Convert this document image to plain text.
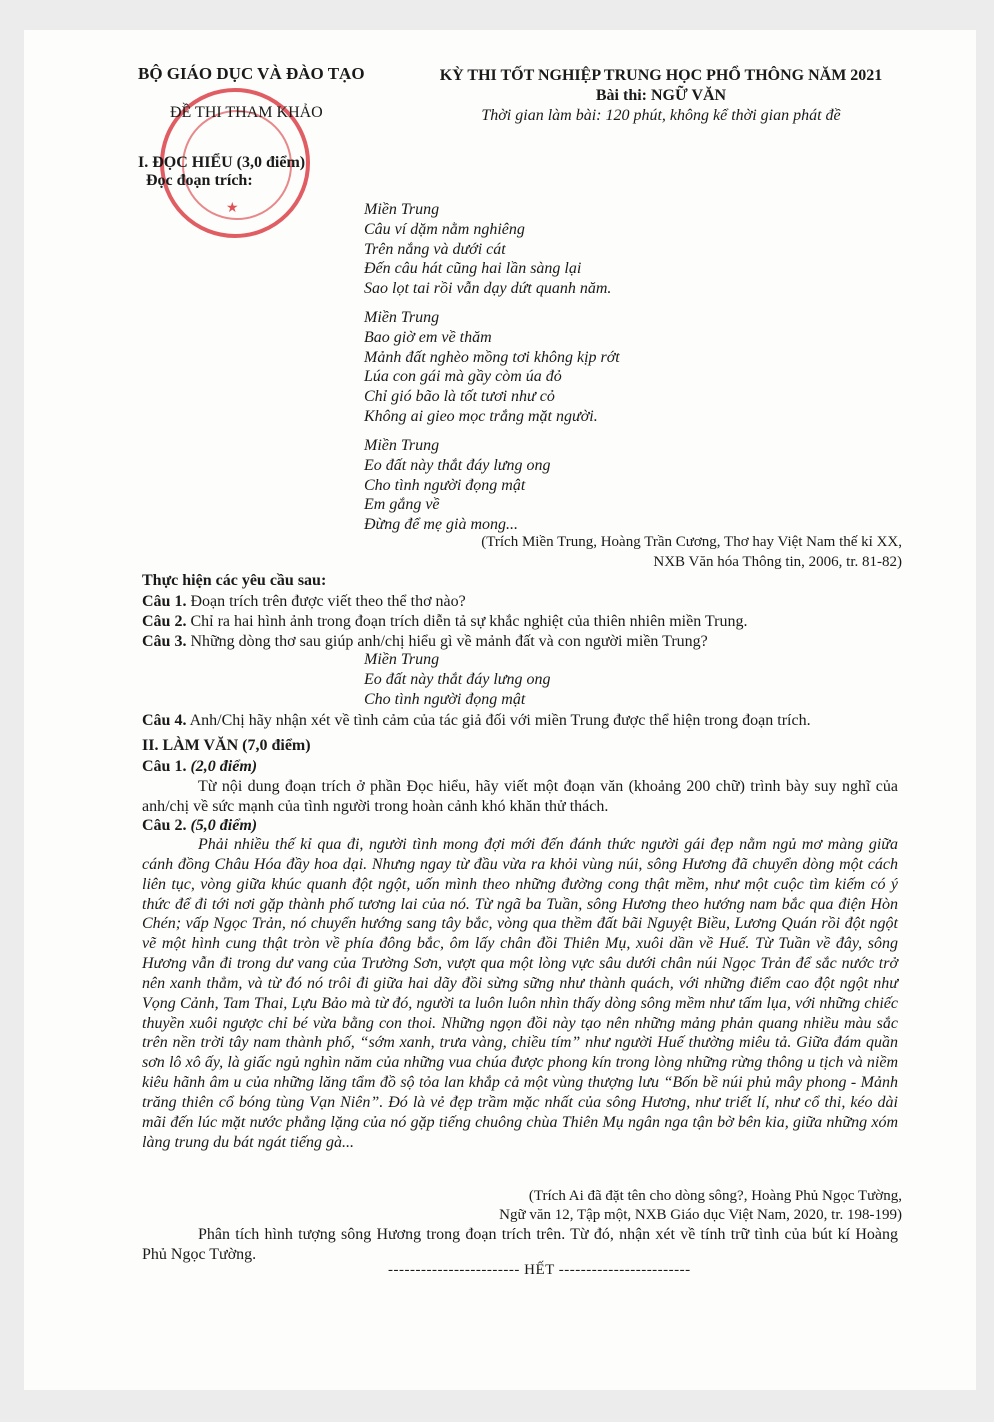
★
BỘ GIÁO DỤC VÀ ĐÀO TẠO
ĐỀ THI THAM KHẢO
KỲ THI TỐT NGHIỆP TRUNG HỌC PHỔ THÔNG NĂM 2021
Bài thi: NGỮ VĂN
Thời gian làm bài: 120 phút, không kể thời gian phát đề
I. ĐỌC HIỂU (3,0 điểm)
Đọc đoạn trích:
Miền Trung
Câu ví dặm nằm nghiêng
Trên nắng và dưới cát
Đến câu hát cũng hai lần sàng lại
Sao lọt tai rồi vẫn dạy dứt quanh năm.
Miền Trung
Bao giờ em về thăm
Mảnh đất nghèo mồng tơi không kịp rớt
Lúa con gái mà gầy còm úa đỏ
Chỉ gió bão là tốt tươi như cỏ
Không ai gieo mọc trắng mặt người.
Miền Trung
Eo đất này thắt đáy lưng ong
Cho tình người đọng mật
Em gắng về
Đừng để mẹ già mong...
(Trích Miền Trung, Hoàng Trần Cương, Thơ hay Việt Nam thế kỉ XX,
NXB Văn hóa Thông tin, 2006, tr. 81-82)
Thực hiện các yêu cầu sau:
Câu 1. Đoạn trích trên được viết theo thể thơ nào?
Câu 2. Chỉ ra hai hình ảnh trong đoạn trích diễn tả sự khắc nghiệt của thiên nhiên miền Trung.
Câu 3. Những dòng thơ sau giúp anh/chị hiểu gì về mảnh đất và con người miền Trung?
Miền Trung
Eo đất này thắt đáy lưng ong
Cho tình người đọng mật
Câu 4. Anh/Chị hãy nhận xét về tình cảm của tác giả đối với miền Trung được thể hiện trong đoạn trích.
II. LÀM VĂN (7,0 điểm)
Câu 1. (2,0 điểm)
Từ nội dung đoạn trích ở phần Đọc hiểu, hãy viết một đoạn văn (khoảng 200 chữ) trình bày suy nghĩ của anh/chị về sức mạnh của tình người trong hoàn cảnh khó khăn thử thách.
Câu 2. (5,0 điểm)
Phải nhiều thế kỉ qua đi, người tình mong đợi mới đến đánh thức người gái đẹp nằm ngủ mơ màng giữa cánh đồng Châu Hóa đầy hoa dại. Nhưng ngay từ đầu vừa ra khỏi vùng núi, sông Hương đã chuyển dòng một cách liên tục, vòng giữa khúc quanh đột ngột, uốn mình theo những đường cong thật mềm, như một cuộc tìm kiếm có ý thức để đi tới nơi gặp thành phố tương lai của nó. Từ ngã ba Tuần, sông Hương theo hướng nam bắc qua điện Hòn Chén; vấp Ngọc Trản, nó chuyển hướng sang tây bắc, vòng qua thềm đất bãi Nguyệt Biều, Lương Quán rồi đột ngột vẽ một hình cung thật tròn về phía đông bắc, ôm lấy chân đồi Thiên Mụ, xuôi dần về Huế. Từ Tuần về đây, sông Hương vẫn đi trong dư vang của Trường Sơn, vượt qua một lòng vực sâu dưới chân núi Ngọc Trản để sắc nước trở nên xanh thẳm, và từ đó nó trôi đi giữa hai dãy đồi sừng sững như thành quách, với những điểm cao đột ngột như Vọng Cảnh, Tam Thai, Lựu Bảo mà từ đó, người ta luôn luôn nhìn thấy dòng sông mềm như tấm lụa, với những chiếc thuyền xuôi ngược chỉ bé vừa bằng con thoi. Những ngọn đồi này tạo nên những mảng phản quang nhiều màu sắc trên nền trời tây nam thành phố, “sớm xanh, trưa vàng, chiều tím” như người Huế thường miêu tả. Giữa đám quần sơn lô xô ấy, là giấc ngủ nghìn năm của những vua chúa được phong kín trong lòng những rừng thông u tịch và niềm kiêu hãnh âm u của những lăng tẩm đồ sộ tỏa lan khắp cả một vùng thượng lưu “Bốn bề núi phủ mây phong - Mảnh trăng thiên cổ bóng tùng Vạn Niên”. Đó là vẻ đẹp trầm mặc nhất của sông Hương, như triết lí, như cổ thi, kéo dài mãi đến lúc mặt nước phẳng lặng của nó gặp tiếng chuông chùa Thiên Mụ ngân nga tận bờ bên kia, giữa những xóm làng trung du bát ngát tiếng gà...
(Trích Ai đã đặt tên cho dòng sông?, Hoàng Phủ Ngọc Tường,
Ngữ văn 12, Tập một, NXB Giáo dục Việt Nam, 2020, tr. 198-199)
Phân tích hình tượng sông Hương trong đoạn trích trên. Từ đó, nhận xét về tính trữ tình của bút kí Hoàng Phủ Ngọc Tường.
------------------------ HẾT ------------------------
